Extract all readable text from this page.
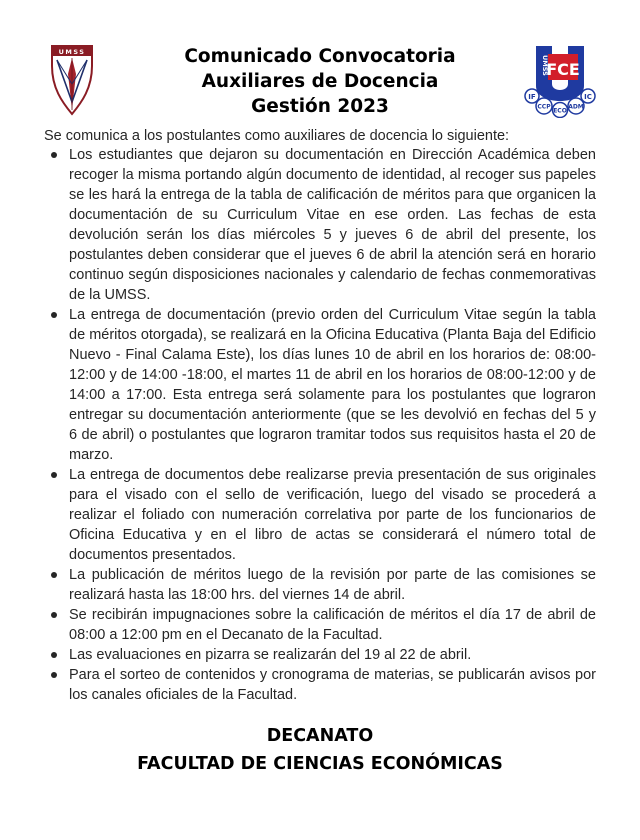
UMSS	Comunicado Convocatoria
Auxiliares de Docencia
Gestión 2023
FCE
UMSS
IF	IC
CCP	ADM
ECO
Se comunica a los postulantes como auxiliares de docencia lo siguiente:
Los estudiantes que dejaron su documentación en Dirección Académica deben recoger la misma portando algún documento de identidad, al recoger sus papeles se les hará la entrega de la tabla de calificación de méritos para que organicen la documentación de su Curriculum Vitae en ese orden. Las fechas de esta devolución serán los días miércoles 5 y jueves 6 de abril del presente, los postulantes deben considerar que el jueves 6 de abril la atención será en horario continuo según disposiciones nacionales y calendario de fechas conmemorativas de la UMSS.
La entrega de documentación (previo orden del Curriculum Vitae según la tabla de méritos otorgada), se realizará en la Oficina Educativa (Planta Baja del Edificio Nuevo - Final Calama Este), los días lunes 10 de abril en los horarios de: 08:00-12:00 y de 14:00 -18:00, el martes 11 de abril en los horarios de 08:00-12:00 y de 14:00 a 17:00. Esta entrega será solamente para los postulantes que lograron entregar su documentación anteriormente (que se les devolvió en fechas del 5 y 6 de abril) o postulantes que lograron tramitar todos sus requisitos hasta el 20 de marzo.
La entrega de documentos debe realizarse previa presentación de sus originales para el visado con el sello de verificación, luego del visado se procederá a realizar el foliado con numeración correlativa por parte de los funcionarios de Oficina Educativa y en el libro de actas se considerará el número total de documentos presentados.
La publicación de méritos luego de la revisión por parte de las comisiones se realizará hasta las 18:00 hrs. del viernes 14 de abril.
Se recibirán impugnaciones sobre la calificación de méritos el día 17 de abril de 08:00 a 12:00 pm en el Decanato de la Facultad.
Las evaluaciones en pizarra se realizarán del 19 al 22 de abril.
Para el sorteo de contenidos y cronograma de materias, se publicarán avisos por los canales oficiales de la Facultad.
DECANATO
FACULTAD DE CIENCIAS ECONÓMICAS
